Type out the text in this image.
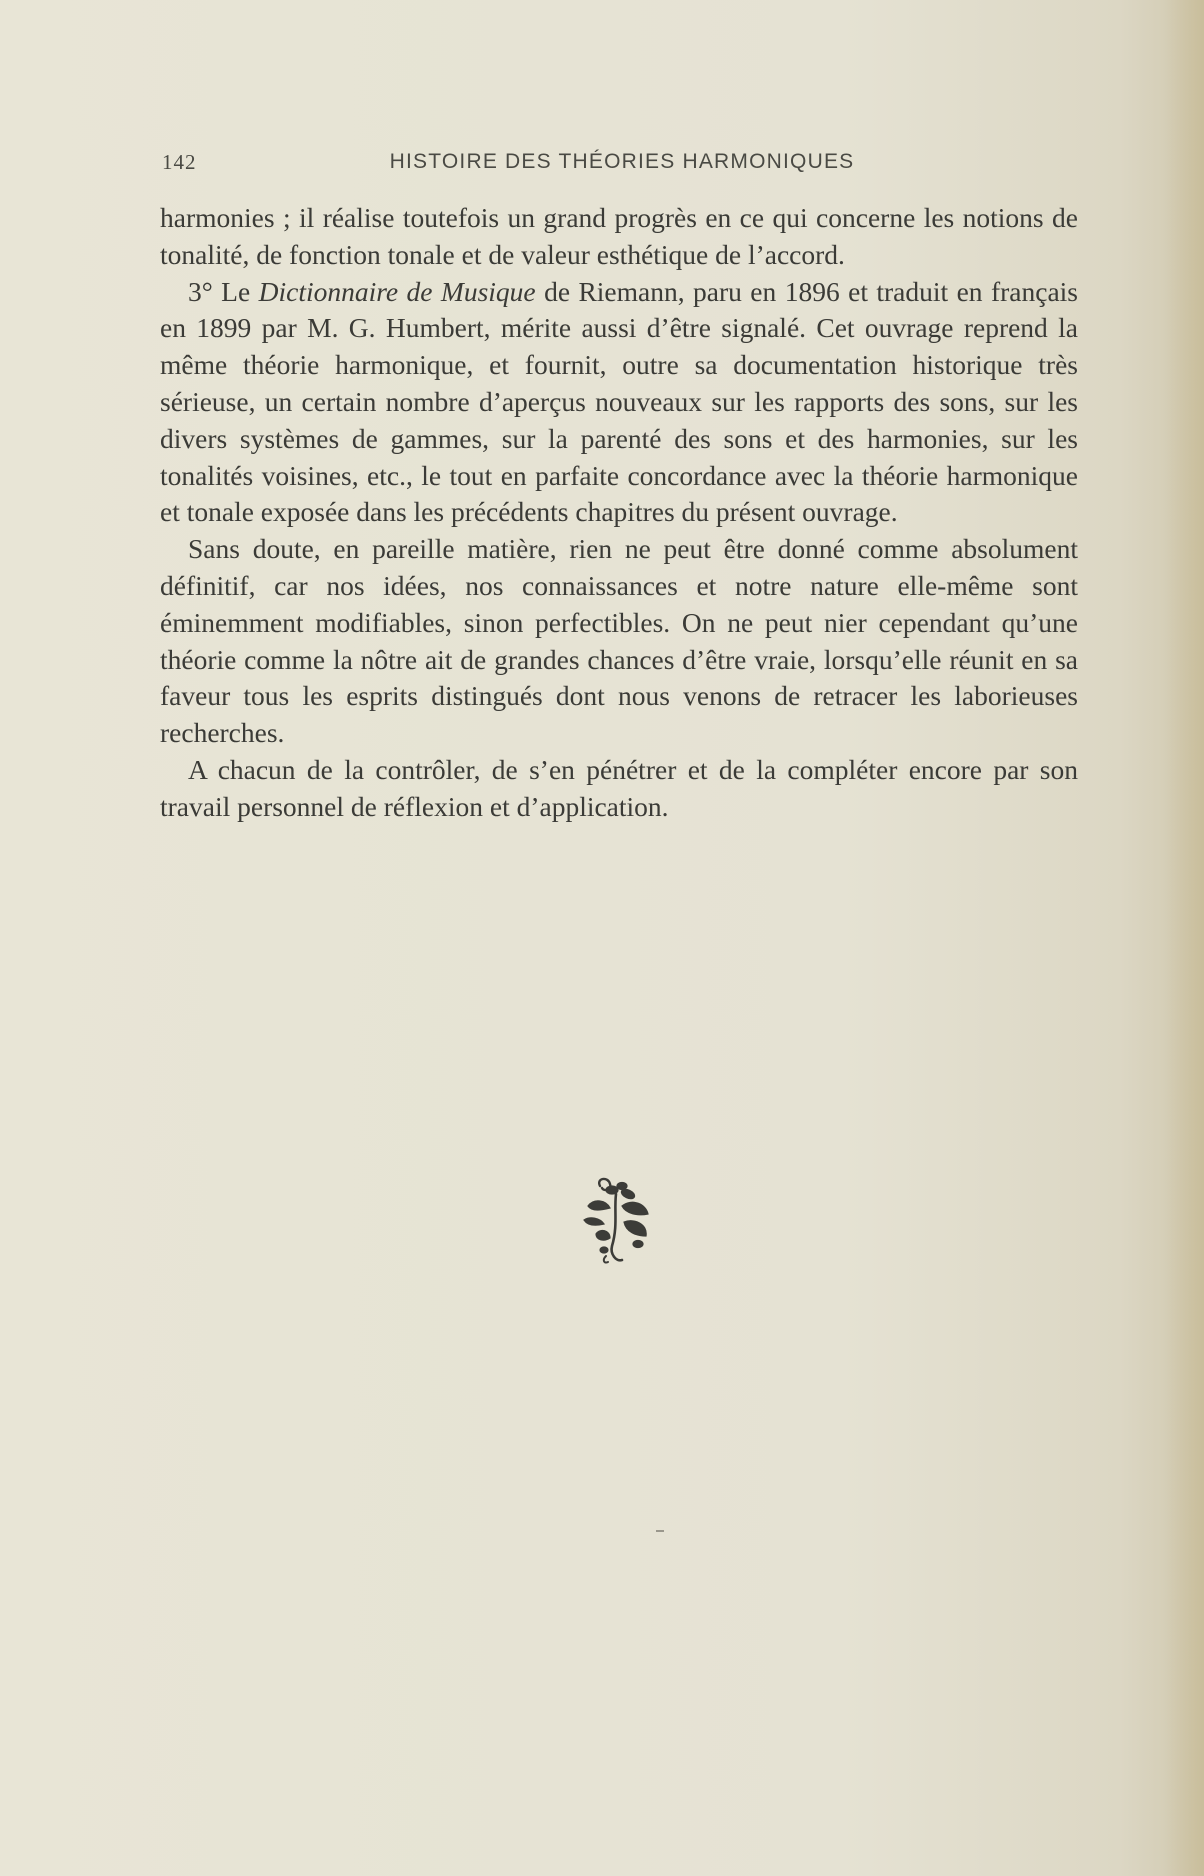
142	HISTOIRE DES THÉORIES HARMONIQUES

harmonies ; il réalise toutefois un grand progrès en ce qui concerne les notions de tonalité, de fonction tonale et de valeur esthétique de l’accord.

3° Le Dictionnaire de Musique de Riemann, paru en 1896 et traduit en français en 1899 par M. G. Humbert, mérite aussi d’être signalé. Cet ouvrage reprend la même théorie harmonique, et fournit, outre sa documentation historique très sérieuse, un certain nombre d’aperçus nouveaux sur les rapports des sons, sur les divers systèmes de gammes, sur la parenté des sons et des harmonies, sur les tonalités voisines, etc., le tout en parfaite concordance avec la théorie harmonique et tonale exposée dans les précédents chapitres du présent ouvrage.

Sans doute, en pareille matière, rien ne peut être donné comme absolument définitif, car nos idées, nos connaissances et notre nature elle-même sont éminemment modifiables, sinon perfectibles. On ne peut nier cependant qu’une théorie comme la nôtre ait de grandes chances d’être vraie, lorsqu’elle réunit en sa faveur tous les esprits distingués dont nous venons de retracer les laborieuses recherches.

A chacun de la contrôler, de s’en pénétrer et de la compléter encore par son travail personnel de réflexion et d’application.
